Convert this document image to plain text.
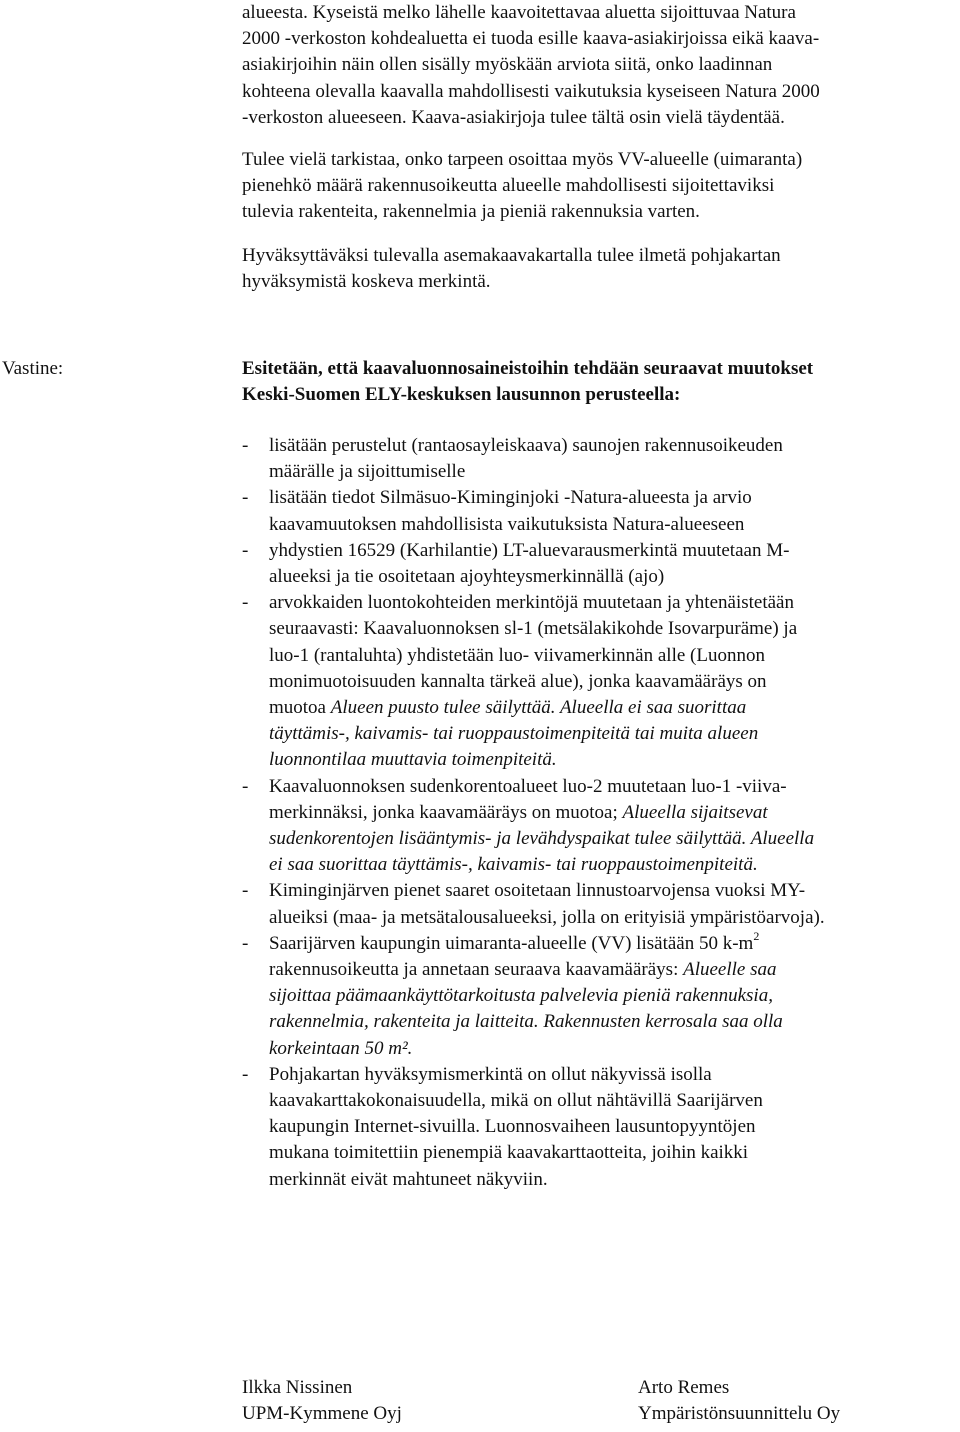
alueesta. Kyseistä melko lähelle kaavoitettavaa aluetta sijoittuvaa Natura

2000 -verkoston kohdealuetta ei tuoda esille kaava-asiakirjoissa eikä kaava-

asiakirjoihin näin ollen sisälly myöskään arviota siitä, onko laadinnan

kohteena olevalla kaavalla mahdollisesti vaikutuksia kyseiseen Natura 2000

-verkoston alueeseen. Kaava-asiakirjoja tulee tältä osin vielä täydentää.

Tulee vielä tarkistaa, onko tarpeen osoittaa myös VV-alueelle (uimaranta)

pienehkö määrä rakennusoikeutta alueelle mahdollisesti sijoitettaviksi

tulevia rakenteita, rakennelmia ja pieniä rakennuksia varten.

Hyväksyttäväksi tulevalla asemakaavakartalla tulee ilmetä pohjakartan

hyväksymistä koskeva merkintä.

Vastine:	Esitetään, että kaavaluonnosaineistoihin tehdään seuraavat muutokset
Keski-Suomen ELY-keskuksen lausunnon perusteella:
- lisätään perustelut (rantaosayleiskaava) saunojen rakennusoikeuden
määrälle ja sijoittumiselle
- lisätään tiedot Silmäsuo-Kiminginjoki -Natura-alueesta ja arvio
kaavamuutoksen mahdollisista vaikutuksista Natura-alueeseen
- yhdystien 16529 (Karhilantie) LT-aluevarausmerkintä muutetaan M-
alueeksi ja tie osoitetaan ajoyhteysmerkinnällä (ajo)
- arvokkaiden luontokohteiden merkintöjä muutetaan ja yhtenäistetään
seuraavasti: Kaavaluonnoksen sl-1 (metsälakikohde Isovarpuräme) ja
luo-1 (rantaluhta) yhdistetään luo- viivamerkinnän alle (Luonnon
monimuotoisuuden kannalta tärkeä alue), jonka kaavamääräys on
muotoa Alueen puusto tulee säilyttää. Alueella ei saa suorittaa
täyttämis-, kaivamis- tai ruoppaustoimenpiteitä tai muita alueen
luonnontilaa muuttavia toimenpiteitä.
- Kaavaluonnoksen sudenkorentoalueet luo-2 muutetaan luo-1 -viiva-
merkinnäksi, jonka kaavamääräys on muotoa; Alueella sijaitsevat
sudenkorentojen lisääntymis- ja levähdyspaikat tulee säilyttää. Alueella
ei saa suorittaa täyttämis-, kaivamis- tai ruoppaustoimenpiteitä.
- Kiminginjärven pienet saaret osoitetaan linnustoarvojensa vuoksi MY-
alueiksi (maa- ja metsätalousalueeksi, jolla on erityisiä ympäristöarvoja).
- Saarijärven kaupungin uimaranta-alueelle (VV) lisätään 50 $k-m^2$
rakennusoikeutta ja annetaan seuraava kaavamääräys: Alueelle saa
sijoittaa päämaankäyttötarkoitusta palvelevia pieniä rakennuksia,
rakennelmia, rakenteita ja laitteita. Rakennusten kerrosala saa olla
korkeintaan 50 m².
- Pohjakartan hyväksymismerkintä on ollut näkyvissä isolla
kaavakarttakokonaisuudella, mikä on ollut nähtävillä Saarijärven
kaupungin Internet-sivuilla. Luonnosvaiheen lausuntopyyntöjen
mukana toimitettiin pienempiä kaavakarttaotteita, joihin kaikki
merkinnät eivät mahtuneet näkyviin.
Ilkka Nissinen
UPM-Kymmene Oyj
Arto Remes
Ympäristönsuunnittelu Oy
